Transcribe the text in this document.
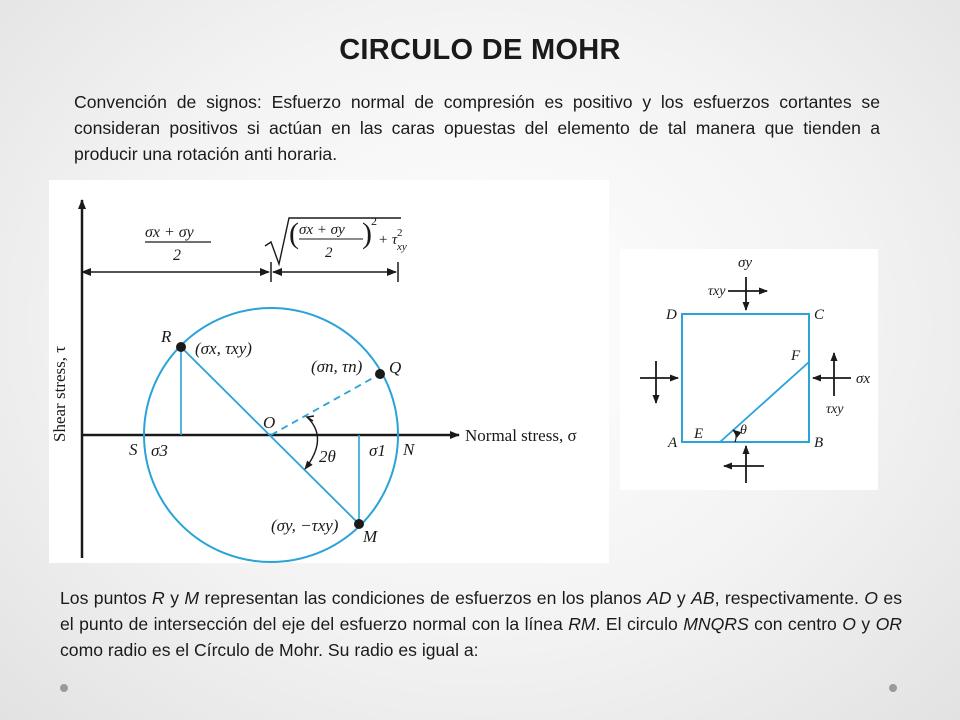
CIRCULO DE MOHR
Convención de signos: Esfuerzo normal de compresión es positivo y los esfuerzos cortantes se consideran positivos si actúan en las caras opuestas del elemento de tal manera que tienden a producir una rotación anti horaria.
Shear stress, τ	Normal stress, σ
R
(σx, τxy)
Q
(σn, τn)
O
S σ3	σ1 N
2θ
(σy, −τxy)
M
σx + σy
2
( σx + σy
2
) 2
+ τ xy
2
σy
τxy
D	C
F
σx
τxy
E	θ
A	B
Los puntos R y M representan las condiciones de esfuerzos en los planos AD y AB, respectivamente. O es el punto de intersección del eje del esfuerzo normal con la línea RM. El circulo MNQRS con centro O y OR como radio es el Círculo de Mohr. Su radio es igual a:
